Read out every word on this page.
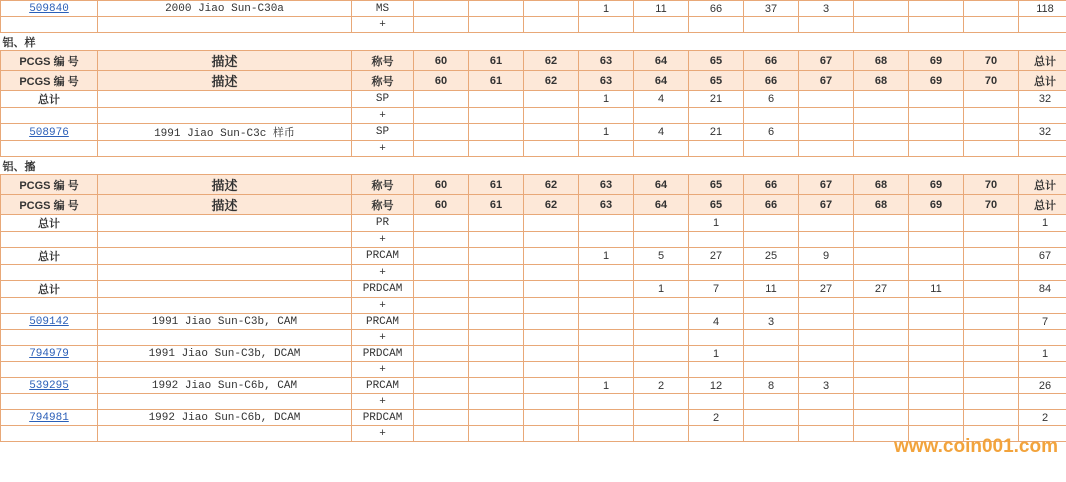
509840	2000 Jiao Sun-C30a	MS				1	11	66	37	3				118
		+												
铝、样														
PCGS 编 号	描述	称号	60	61	62	63	64	65	66	67	68	69	70	总计
PCGS 编 号	描述	称号	60	61	62	63	64	65	66	67	68	69	70	总计
总计		SP				1	4	21	6					32
		+												
508976	1991 Jiao Sun-C3c 样币	SP				1	4	21	6					32
		+												
铝、搐														
PCGS 编 号	描述	称号	60	61	62	63	64	65	66	67	68	69	70	总计
PCGS 编 号	描述	称号	60	61	62	63	64	65	66	67	68	69	70	总计
总计		PR						1						1
		+												
总计		PRCAM				1	5	27	25	9				67
		+												
总计		PRDCAM					1	7	11	27	27	11		84
		+												
509142	1991 Jiao Sun-C3b, CAM	PRCAM						4	3					7
		+												
794979	1991 Jiao Sun-C3b, DCAM	PRDCAM						1						1
		+												
539295	1992 Jiao Sun-C6b, CAM	PRCAM				1	2	12	8	3				26
		+												
794981	1992 Jiao Sun-C6b, DCAM	PRDCAM						2						2
		+												
www.coin001.com
